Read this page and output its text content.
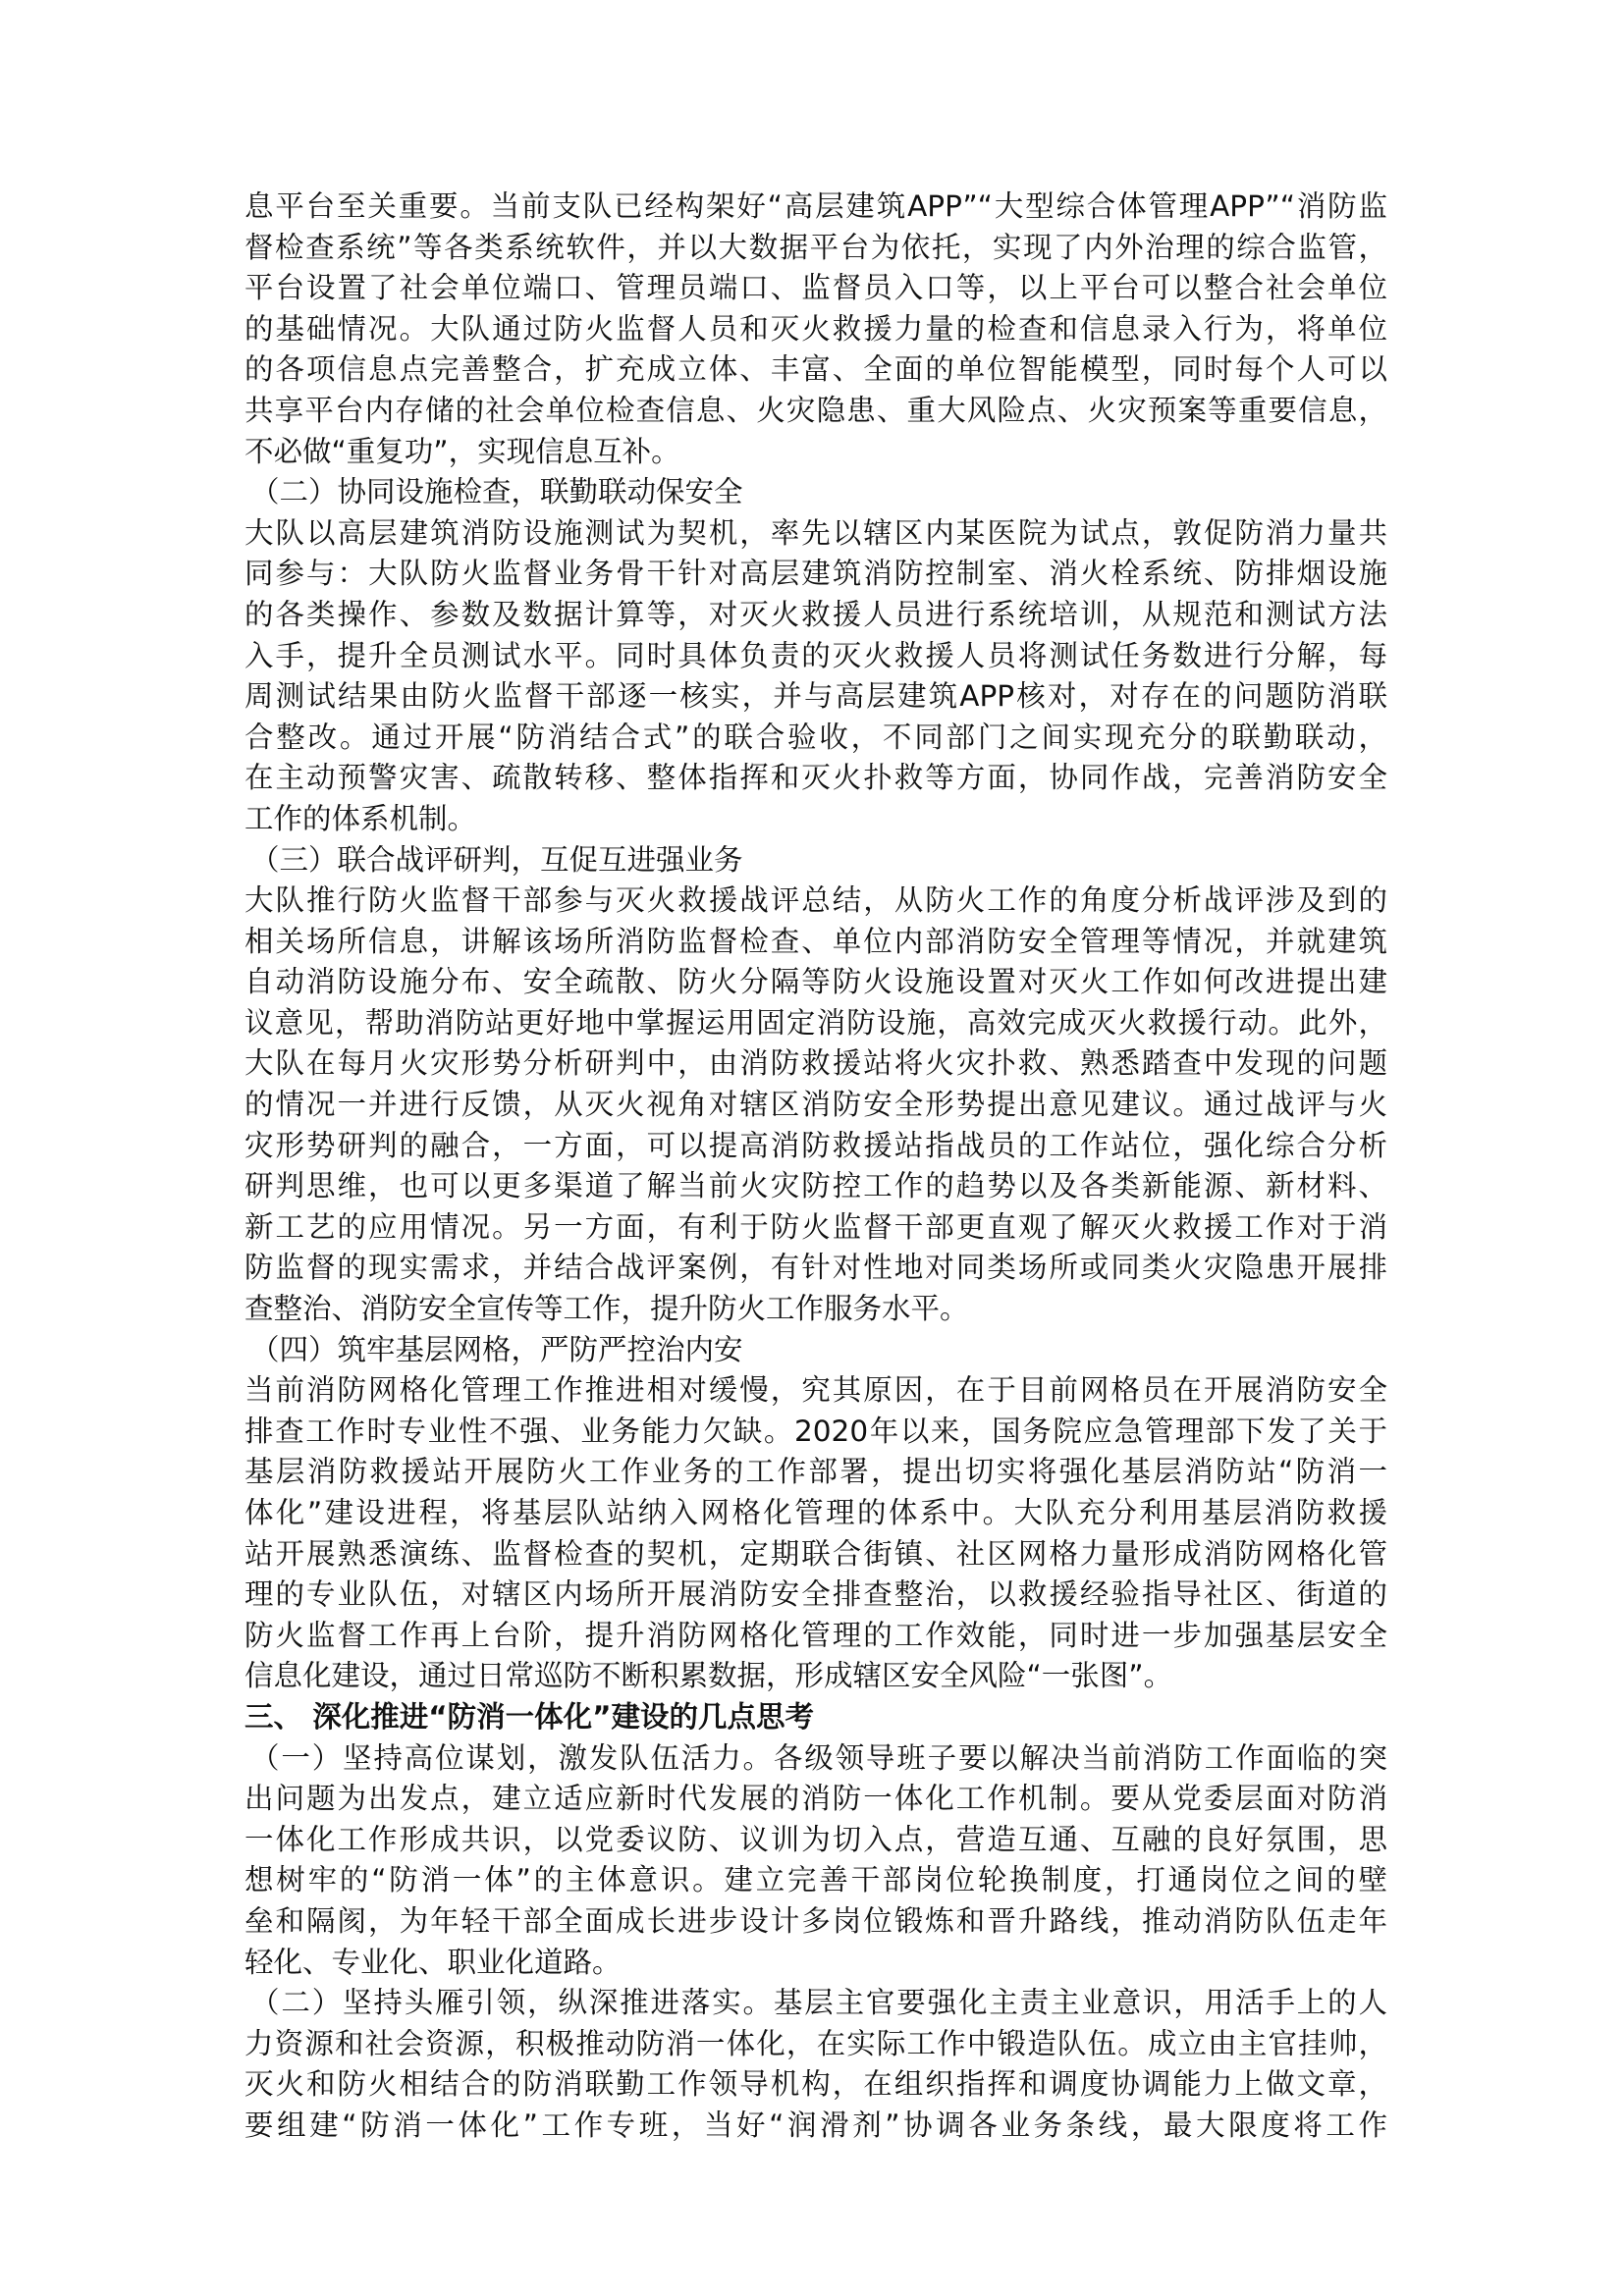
息平台至关重要。当前支队已经构架好“高层建筑APP”“大型综合体管理APP”“消防监
督检查系统”等各类系统软件，并以大数据平台为依托，实现了内外治理的综合监管，
平台设置了社会单位端口、管理员端口、监督员入口等，以上平台可以整合社会单位
的基础情况。大队通过防火监督人员和灭火救援力量的检查和信息录入行为，将单位
的各项信息点完善整合，扩充成立体、丰富、全面的单位智能模型，同时每个人可以
共享平台内存储的社会单位检查信息、火灾隐患、重大风险点、火灾预案等重要信息，
不必做“重复功”，实现信息互补。
（二）协同设施检查，联勤联动保安全
大队以高层建筑消防设施测试为契机，率先以辖区内某医院为试点，敦促防消力量共
同参与：大队防火监督业务骨干针对高层建筑消防控制室、消火栓系统、防排烟设施
的各类操作、参数及数据计算等，对灭火救援人员进行系统培训，从规范和测试方法
入手，提升全员测试水平。同时具体负责的灭火救援人员将测试任务数进行分解，每
周测试结果由防火监督干部逐一核实，并与高层建筑APP核对，对存在的问题防消联
合整改。通过开展“防消结合式”的联合验收，不同部门之间实现充分的联勤联动，
在主动预警灾害、疏散转移、整体指挥和灭火扑救等方面，协同作战，完善消防安全
工作的体系机制。
（三）联合战评研判，互促互进强业务
大队推行防火监督干部参与灭火救援战评总结，从防火工作的角度分析战评涉及到的
相关场所信息，讲解该场所消防监督检查、单位内部消防安全管理等情况，并就建筑
自动消防设施分布、安全疏散、防火分隔等防火设施设置对灭火工作如何改进提出建
议意见，帮助消防站更好地中掌握运用固定消防设施，高效完成灭火救援行动。此外，
大队在每月火灾形势分析研判中，由消防救援站将火灾扑救、熟悉踏查中发现的问题
的情况一并进行反馈，从灭火视角对辖区消防安全形势提出意见建议。通过战评与火
灾形势研判的融合，一方面，可以提高消防救援站指战员的工作站位，强化综合分析
研判思维，也可以更多渠道了解当前火灾防控工作的趋势以及各类新能源、新材料、
新工艺的应用情况。另一方面，有利于防火监督干部更直观了解灭火救援工作对于消
防监督的现实需求，并结合战评案例，有针对性地对同类场所或同类火灾隐患开展排
查整治、消防安全宣传等工作，提升防火工作服务水平。
（四）筑牢基层网格，严防严控治内安
当前消防网格化管理工作推进相对缓慢，究其原因，在于目前网格员在开展消防安全
排查工作时专业性不强、业务能力欠缺。2020年以来，国务院应急管理部下发了关于
基层消防救援站开展防火工作业务的工作部署，提出切实将强化基层消防站“防消一
体化”建设进程，将基层队站纳入网格化管理的体系中。大队充分利用基层消防救援
站开展熟悉演练、监督检查的契机，定期联合街镇、社区网格力量形成消防网格化管
理的专业队伍，对辖区内场所开展消防安全排查整治，以救援经验指导社区、街道的
防火监督工作再上台阶，提升消防网格化管理的工作效能，同时进一步加强基层安全
信息化建设，通过日常巡防不断积累数据，形成辖区安全风险“一张图”。
三、 深化推进“防消一体化”建设的几点思考
（一）坚持高位谋划，激发队伍活力。各级领导班子要以解决当前消防工作面临的突
出问题为出发点，建立适应新时代发展的消防一体化工作机制。要从党委层面对防消
一体化工作形成共识，以党委议防、议训为切入点，营造互通、互融的良好氛围，思
想树牢的“防消一体”的主体意识。建立完善干部岗位轮换制度，打通岗位之间的壁
垒和隔阂，为年轻干部全面成长进步设计多岗位锻炼和晋升路线，推动消防队伍走年
轻化、专业化、职业化道路。
（二）坚持头雁引领，纵深推进落实。基层主官要强化主责主业意识，用活手上的人
力资源和社会资源，积极推动防消一体化，在实际工作中锻造队伍。成立由主官挂帅，
灭火和防火相结合的防消联勤工作领导机构，在组织指挥和调度协调能力上做文章，
要组建“防消一体化”工作专班，当好“润滑剂”协调各业务条线，最大限度将工作
